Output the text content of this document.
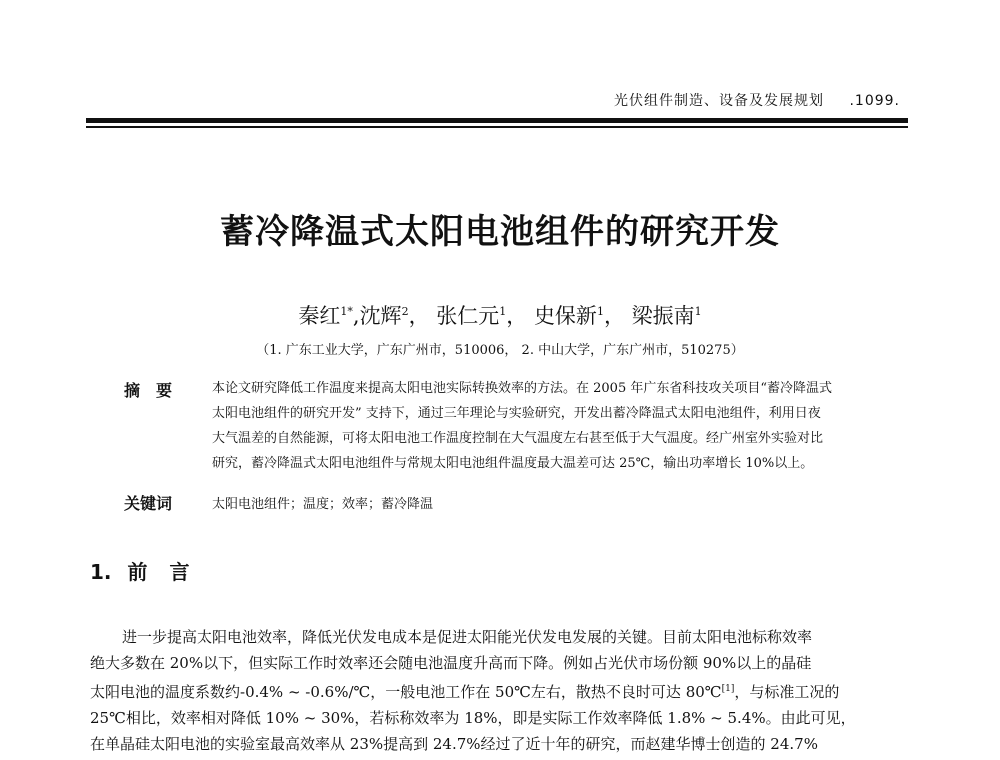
光伏组件制造、设备及发展规划 .1099.
蓄冷降温式太阳电池组件的研究开发
秦红$^{1*}$,沈辉$^2$， 张仁元$^1$， 史保新$^1$， 梁振南$^1$
（1. 广东工业大学，广东广州市，510006， 2. 中山大学，广东广州市，510275）
摘要 本论文研究降低工作温度来提高太阳电池实际转换效率的方法。在 2005 年广东省科技攻关项目“蓄冷降温式
太阳电池组件的研究开发” 支持下，通过三年理论与实验研究，开发出蓄冷降温式太阳电池组件，利用日夜
大气温差的自然能源，可将太阳电池工作温度控制在大气温度左右甚至低于大气温度。经广州室外实验对比
研究，蓄冷降温式太阳电池组件与常规太阳电池组件温度最大温差可达 25℃，输出功率增长 10%以上。
关键词	太阳电池组件；温度；效率；蓄冷降温
1. 前言
进一步提高太阳电池效率，降低光伏发电成本是促进太阳能光伏发电发展的关键。目前太阳电池标称效率
绝大多数在 20%以下，但实际工作时效率还会随电池温度升高而下降。例如占光伏市场份额 90%以上的晶硅
太阳电池的温度系数约-0.4% ~ -0.6%/℃，一般电池工作在 50℃左右，散热不良时可达 80℃[1]，与标准工况的
25℃相比，效率相对降低 10% ~ 30%，若标称效率为 18%，即是实际工作效率降低 1.8% ~ 5.4%。由此可见，
在单晶硅太阳电池的实验室最高效率从 23%提高到 24.7%经过了近十年的研究，而赵建华博士创造的 24.7%
